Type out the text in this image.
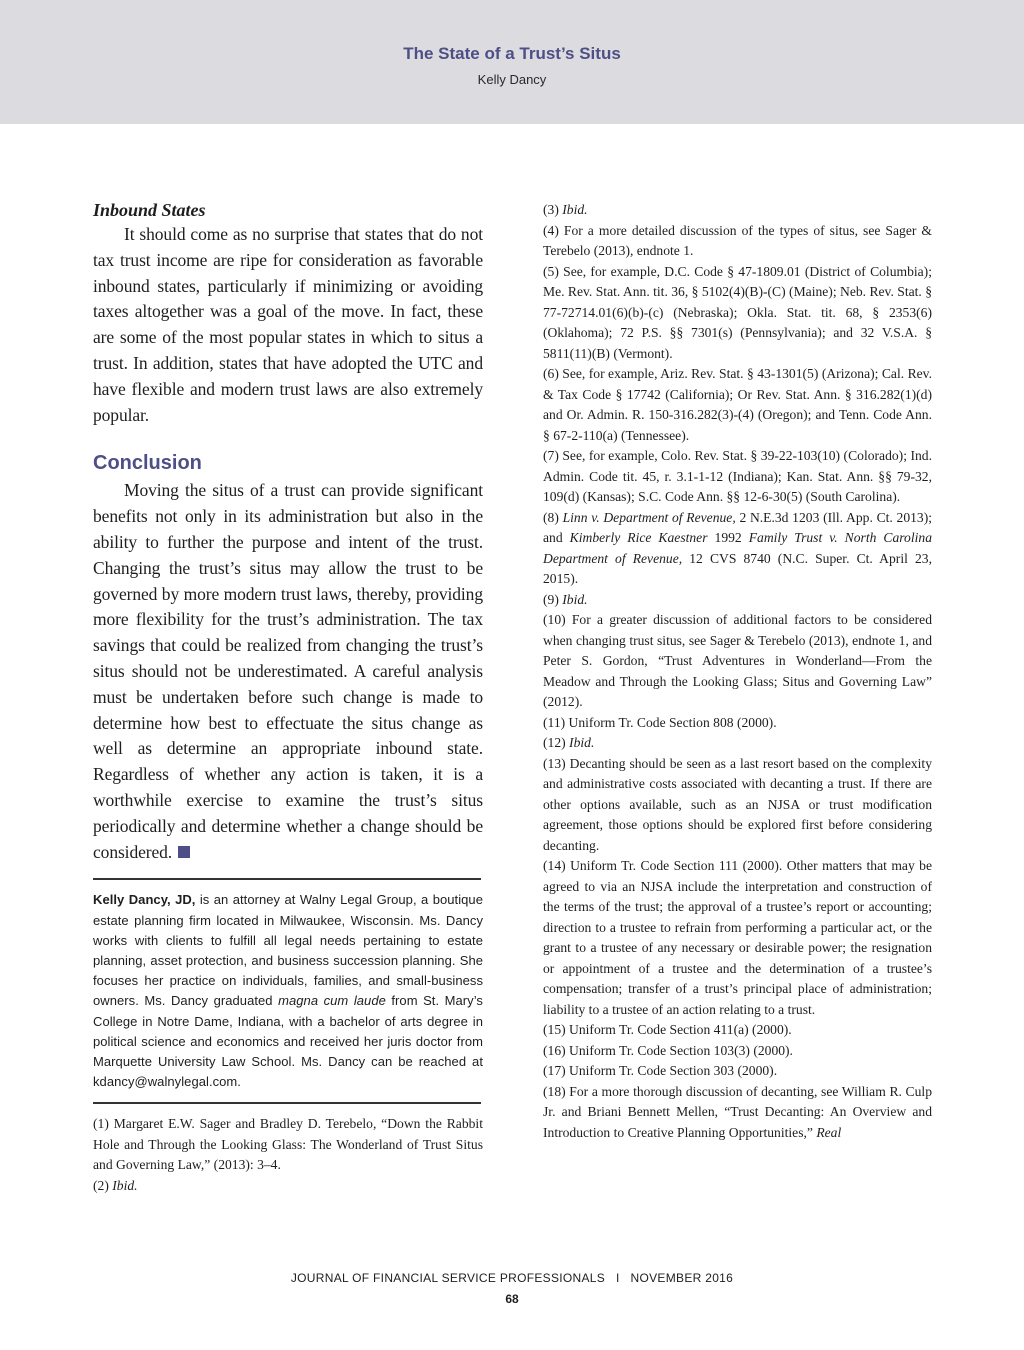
The State of a Trust’s Situs
Kelly Dancy

Inbound States

It should come as no surprise that states that do not tax trust income are ripe for consideration as favorable inbound states, particularly if minimizing or avoiding taxes altogether was a goal of the move. In fact, these are some of the most popular states in which to situs a trust. In addition, states that have adopted the UTC and have flexible and modern trust laws are also extremely popular.

Conclusion

Moving the situs of a trust can provide significant benefits not only in its administration but also in the ability to further the purpose and intent of the trust. Changing the trust’s situs may allow the trust to be governed by more modern trust laws, thereby, providing more flexibility for the trust’s administration. The tax savings that could be realized from changing the trust’s situs should not be underestimated. A careful analysis must be undertaken before such change is made to determine how best to effectuate the situs change as well as determine an appropriate inbound state. Regardless of whether any action is taken, it is a worthwhile exercise to examine the trust’s situs periodically and determine whether a change should be considered.

Kelly Dancy, JD, is an attorney at Walny Legal Group, a boutique estate planning firm located in Milwaukee, Wisconsin. Ms. Dancy works with clients to fulfill all legal needs pertaining to estate planning, asset protection, and business succession planning. She focuses her practice on individuals, families, and small-business owners. Ms. Dancy graduated magna cum laude from St. Mary’s College in Notre Dame, Indiana, with a bachelor of arts degree in political science and economics and received her juris doctor from Marquette University Law School. Ms. Dancy can be reached at kdancy@walnylegal.com.

(1) Margaret E.W. Sager and Bradley D. Terebelo, “Down the Rabbit Hole and Through the Looking Glass: The Wonderland of Trust Situs and Governing Law,” (2013): 3–4.

(2) Ibid.

(3) Ibid.

(4) For a more detailed discussion of the types of situs, see Sager & Terebelo (2013), endnote 1.

(5) See, for example, D.C. Code § 47-1809.01 (District of Columbia); Me. Rev. Stat. Ann. tit. 36, § 5102(4)(B)-(C) (Maine); Neb. Rev. Stat. § 77-72714.01(6)(b)-(c) (Nebraska); Okla. Stat. tit. 68, § 2353(6) (Oklahoma); 72 P.S. §§ 7301(s) (Pennsylvania); and 32 V.S.A. § 5811(11)(B) (Vermont).

(6) See, for example, Ariz. Rev. Stat. § 43-1301(5) (Arizona); Cal. Rev. & Tax Code § 17742 (California); Or Rev. Stat. Ann. § 316.282(1)(d) and Or. Admin. R. 150-316.282(3)-(4) (Oregon); and Tenn. Code Ann. § 67-2-110(a) (Tennessee).

(7) See, for example, Colo. Rev. Stat. § 39-22-103(10) (Colorado); Ind. Admin. Code tit. 45, r. 3.1-1-12 (Indiana); Kan. Stat. Ann. §§ 79-32, 109(d) (Kansas); S.C. Code Ann. §§ 12-6-30(5) (South Carolina).

(8) Linn v. Department of Revenue, 2 N.E.3d 1203 (Ill. App. Ct. 2013); and Kimberly Rice Kaestner 1992 Family Trust v. North Carolina Department of Revenue, 12 CVS 8740 (N.C. Super. Ct. April 23, 2015).

(9) Ibid.

(10) For a greater discussion of additional factors to be considered when changing trust situs, see Sager & Terebelo (2013), endnote 1, and Peter S. Gordon, “Trust Adventures in Wonderland—From the Meadow and Through the Looking Glass; Situs and Governing Law” (2012).

(11) Uniform Tr. Code Section 808 (2000).

(12) Ibid.

(13) Decanting should be seen as a last resort based on the complexity and administrative costs associated with decanting a trust. If there are other options available, such as an NJSA or trust modification agreement, those options should be explored first before considering decanting.

(14) Uniform Tr. Code Section 111 (2000). Other matters that may be agreed to via an NJSA include the interpretation and construction of the terms of the trust; the approval of a trustee’s report or accounting; direction to a trustee to refrain from performing a particular act, or the grant to a trustee of any necessary or desirable power; the resignation or appointment of a trustee and the determination of a trustee’s compensation; transfer of a trust’s principal place of administration; liability to a trustee of an action relating to a trust.

(15) Uniform Tr. Code Section 411(a) (2000).

(16) Uniform Tr. Code Section 103(3) (2000).

(17) Uniform Tr. Code Section 303 (2000).

(18) For a more thorough discussion of decanting, see William R. Culp Jr. and Briani Bennett Mellen, “Trust Decanting: An Overview and Introduction to Creative Planning Opportunities,” Real

JOURNAL OF FINANCIAL SERVICE PROFESSIONALS   I   NOVEMBER 2016
68
